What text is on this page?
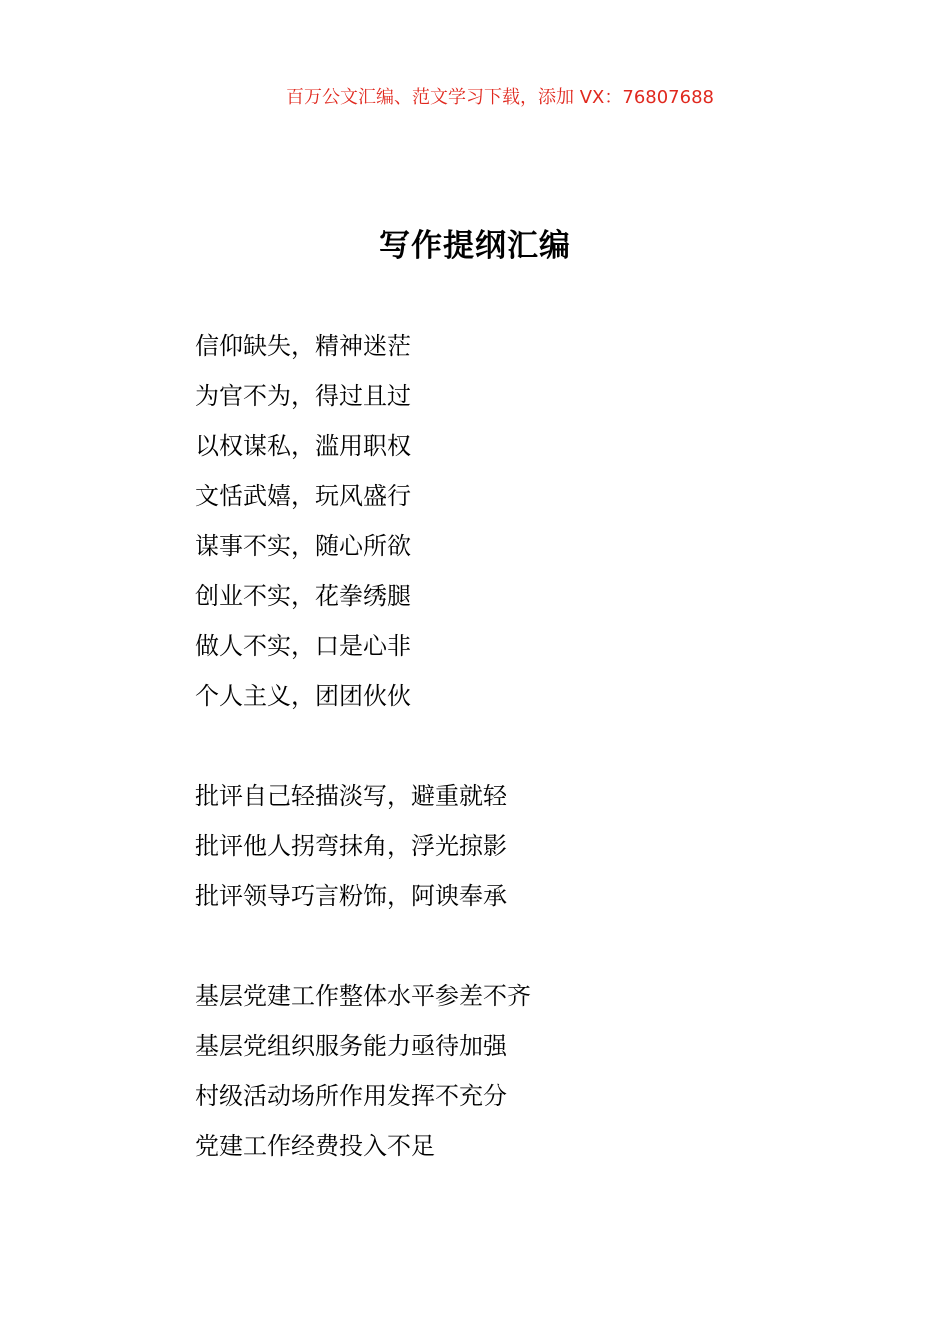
百万公文汇编、范文学习下载，添加 VX：76807688
写作提纲汇编
信仰缺失，精神迷茫
为官不为，得过且过
以权谋私，滥用职权
文恬武嬉，玩风盛行
谋事不实，随心所欲
创业不实，花拳绣腿
做人不实，口是心非
个人主义，团团伙伙
批评自己轻描淡写，避重就轻
批评他人拐弯抹角，浮光掠影
批评领导巧言粉饰，阿谀奉承
基层党建工作整体水平参差不齐
基层党组织服务能力亟待加强
村级活动场所作用发挥不充分
党建工作经费投入不足
